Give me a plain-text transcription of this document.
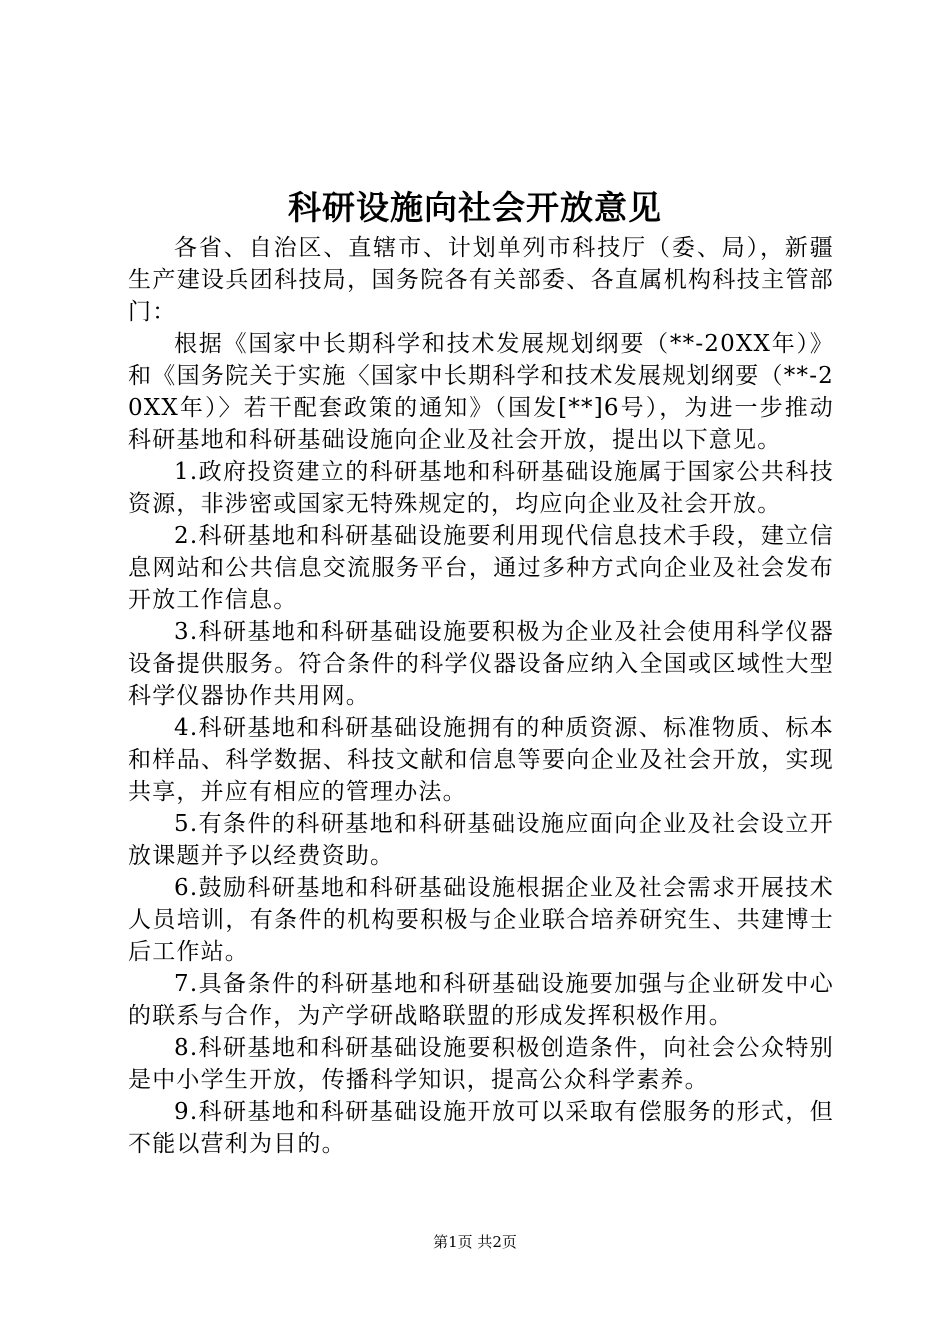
科研设施向社会开放意见

各省、自治区、直辖市、计划单列市科技厅（委、局），新疆生产建设兵团科技局，国务院各有关部委、各直属机构科技主管部门：

根据《国家中长期科学和技术发展规划纲要（**-20XX年）》和《国务院关于实施〈国家中长期科学和技术发展规划纲要（**-20XX年）〉若干配套政策的通知》（国发[**]6号），为进一步推动科研基地和科研基础设施向企业及社会开放，提出以下意见。

1.政府投资建立的科研基地和科研基础设施属于国家公共科技资源，非涉密或国家无特殊规定的，均应向企业及社会开放。

2.科研基地和科研基础设施要利用现代信息技术手段，建立信息网站和公共信息交流服务平台，通过多种方式向企业及社会发布开放工作信息。

3.科研基地和科研基础设施要积极为企业及社会使用科学仪器设备提供服务。符合条件的科学仪器设备应纳入全国或区域性大型科学仪器协作共用网。

4.科研基地和科研基础设施拥有的种质资源、标准物质、标本和样品、科学数据、科技文献和信息等要向企业及社会开放，实现共享，并应有相应的管理办法。

5.有条件的科研基地和科研基础设施应面向企业及社会设立开放课题并予以经费资助。

6.鼓励科研基地和科研基础设施根据企业及社会需求开展技术人员培训，有条件的机构要积极与企业联合培养研究生、共建博士后工作站。

7.具备条件的科研基地和科研基础设施要加强与企业研发中心的联系与合作，为产学研战略联盟的形成发挥积极作用。

8.科研基地和科研基础设施要积极创造条件，向社会公众特别是中小学生开放，传播科学知识，提高公众科学素养。

9.科研基地和科研基础设施开放可以采取有偿服务的形式，但不能以营利为目的。

第1页 共2页
